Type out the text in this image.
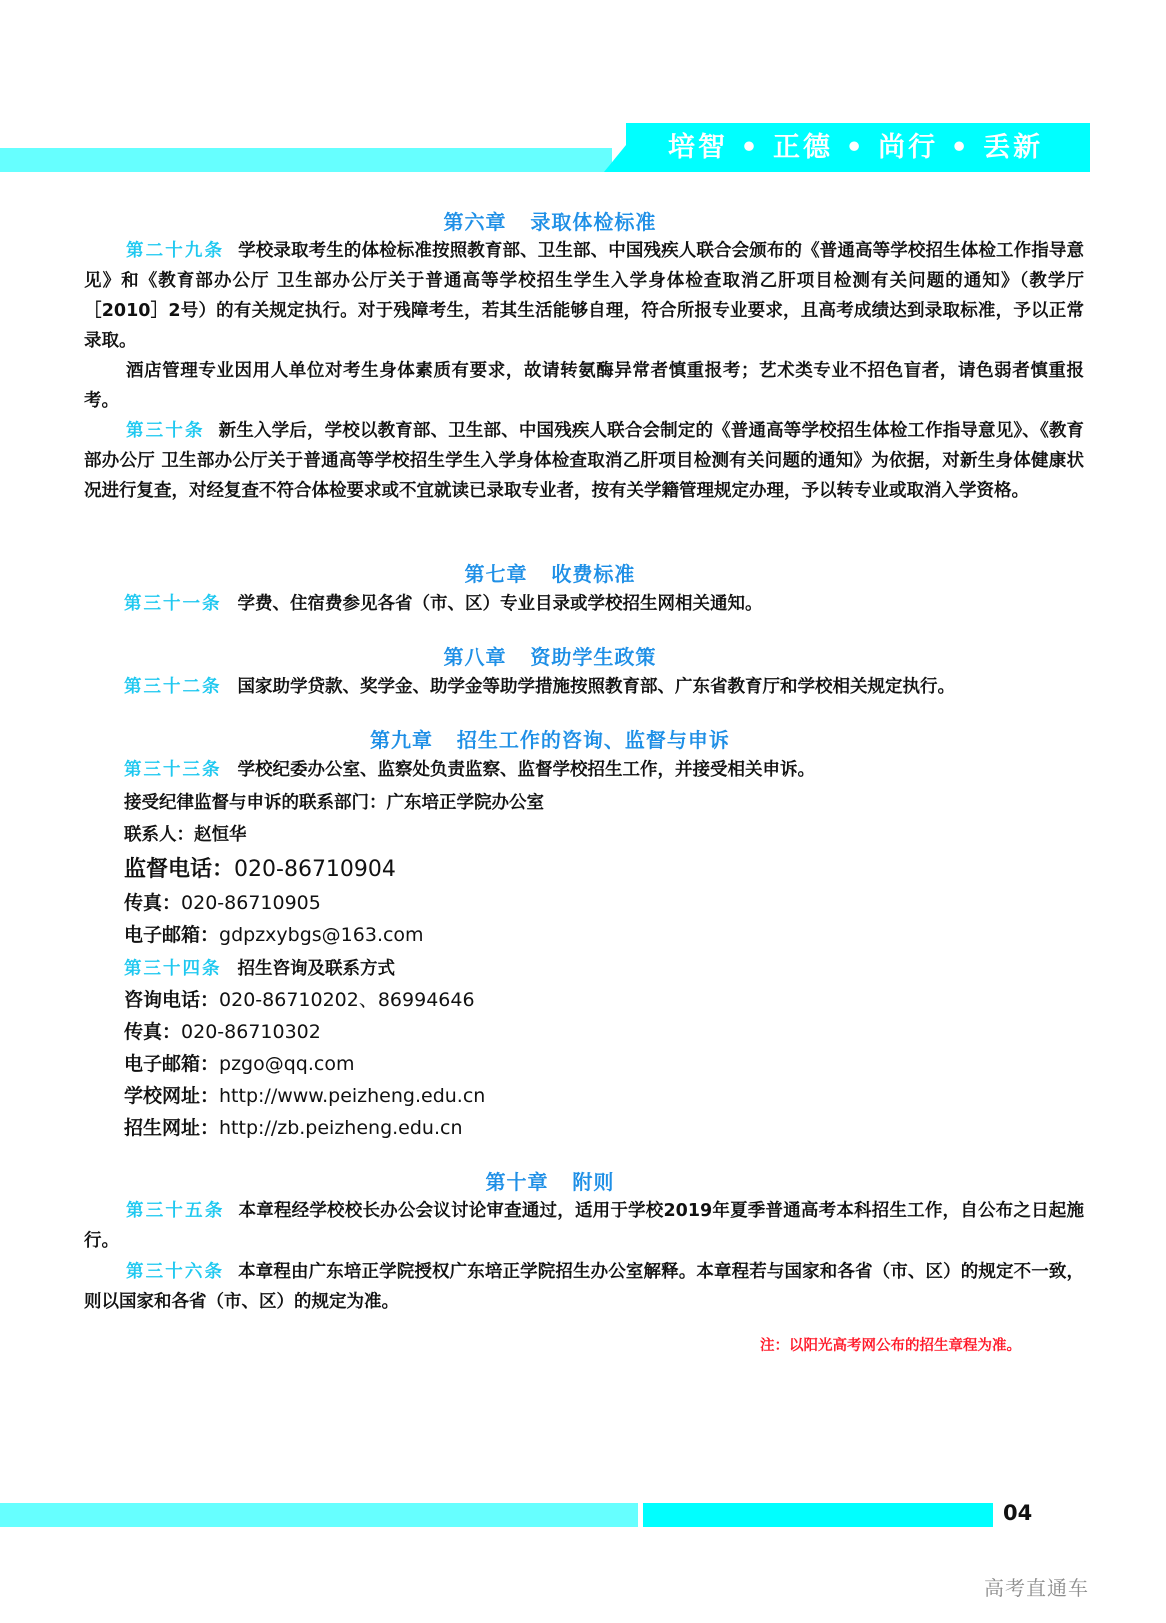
培智 • 正德 • 尚行 • 丢新
第六章   录取体检标准
第二十九条 学校录取考生的体检标准按照教育部、卫生部、中国残疾人联合会颁布的《普通高等学校招生体检工作指导意见》和《教育部办公厅 卫生部办公厅关于普通高等学校招生学生入学身体检查取消乙肝项目检测有关问题的通知》（教学厅［2010］2号）的有关规定执行。对于残障考生，若其生活能够自理，符合所报专业要求，且高考成绩达到录取标准，予以正常录取。
酒店管理专业因用人单位对考生身体素质有要求，故请转氨酶异常者慎重报考；艺术类专业不招色盲者，请色弱者慎重报考。
第三十条 新生入学后，学校以教育部、卫生部、中国残疾人联合会制定的《普通高等学校招生体检工作指导意见》、《教育部办公厅 卫生部办公厅关于普通高等学校招生学生入学身体检查取消乙肝项目检测有关问题的通知》为依据，对新生身体健康状况进行复查，对经复查不符合体检要求或不宜就读已录取专业者，按有关学籍管理规定办理，予以转专业或取消入学资格。
第七章   收费标准
第三十一条 学费、住宿费参见各省（市、区）专业目录或学校招生网相关通知。
第八章   资助学生政策
第三十二条 国家助学贷款、奖学金、助学金等助学措施按照教育部、广东省教育厅和学校相关规定执行。
第九章   招生工作的咨询、监督与申诉
第三十三条 学校纪委办公室、监察处负责监察、监督学校招生工作，并接受相关申诉。
接受纪律监督与申诉的联系部门：广东培正学院办公室
联系人：赵恒华
监督电话：020-86710904
传真：020-86710905
电子邮箱：gdpzxybgs@163.com
第三十四条 招生咨询及联系方式
咨询电话：020-86710202、86994646
传真：020-86710302
电子邮箱：pzgo@qq.com
学校网址：http://www.peizheng.edu.cn
招生网址：http://zb.peizheng.edu.cn
第十章   附则
第三十五条 本章程经学校校长办公会议讨论审查通过，适用于学校2019年夏季普通高考本科招生工作，自公布之日起施行。
第三十六条 本章程由广东培正学院授权广东培正学院招生办公室解释。本章程若与国家和各省（市、区）的规定不一致，则以国家和各省（市、区）的规定为准。
注：以阳光高考网公布的招生章程为准。
04
高考直通车
